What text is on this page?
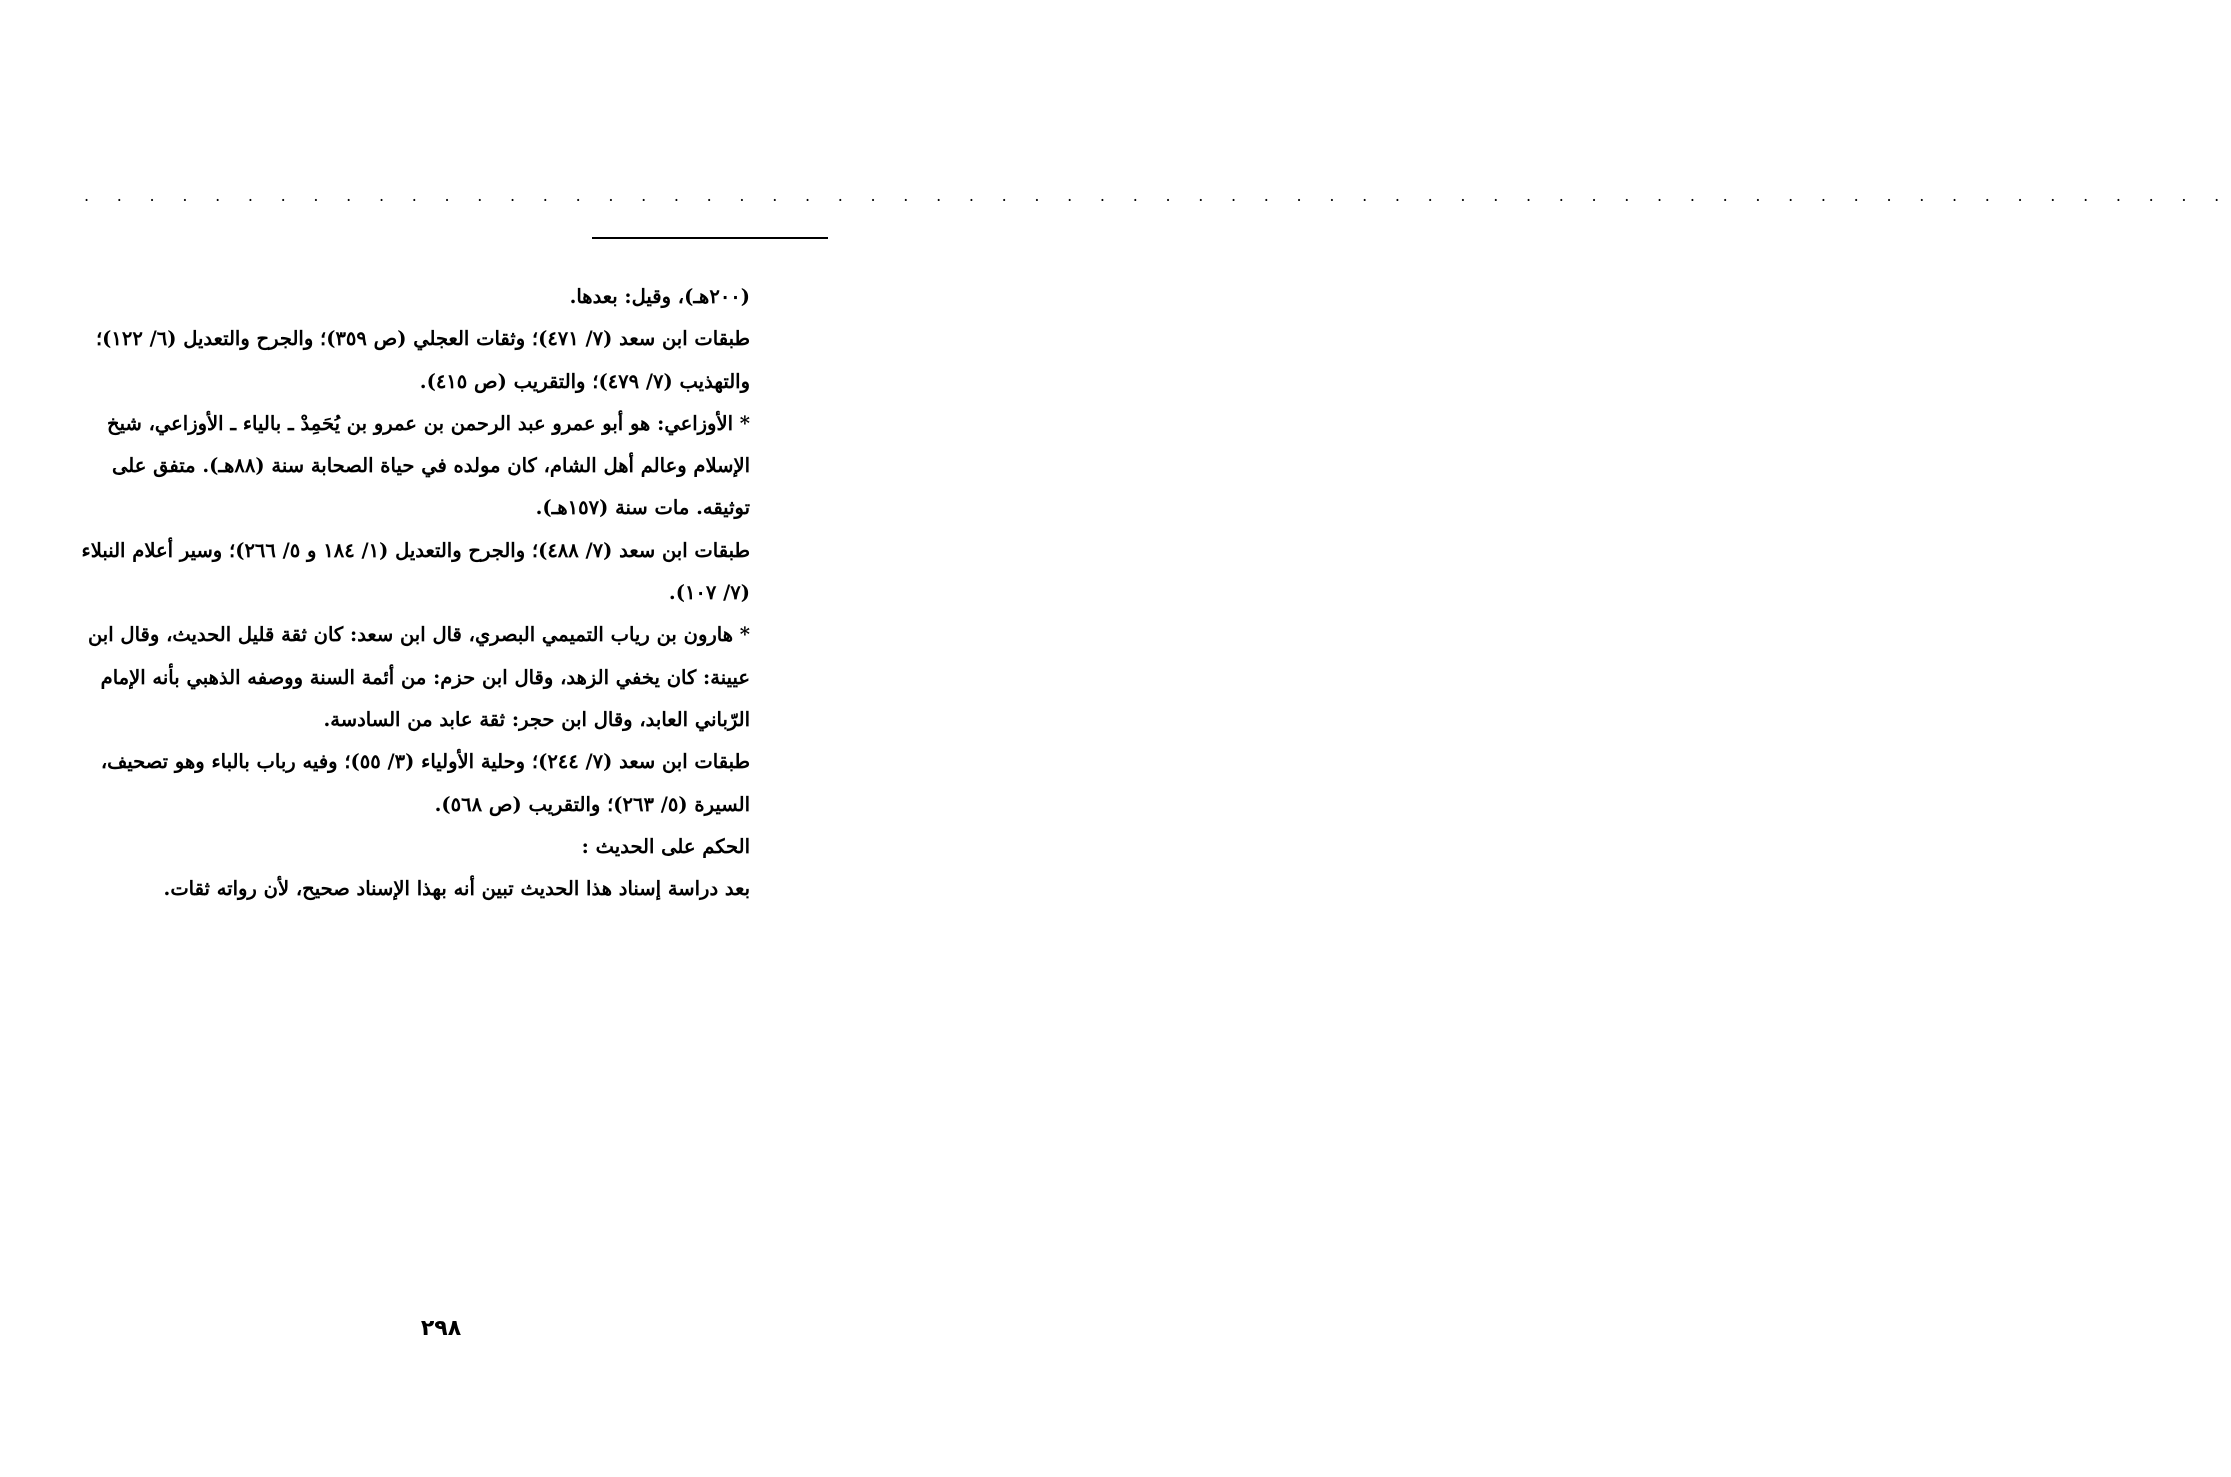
. . . . . . . . . . . . . . . . . . . . . . . . . . . . . . . . . . . . . . . . . . . . . . . . . . . . . . . . . . . . . . . . . .

(٢٠٠هـ)، وقيل: بعدها.

طبقات ابن سعد (٧/ ٤٧١)؛ وثقات العجلي (ص ٣٥٩)؛ والجرح والتعديل (٦/ ١٢٢)؛ والتهذيب (٧/ ٤٧٩)؛ والتقريب (ص ٤١٥).

* الأوزاعي: هو أبو عمرو عبد الرحمن بن عمرو بن يُحَمِدْ ـ بالياء ـ الأوزاعي، شيخ الإسلام وعالم أهل الشام، كان مولده في حياة الصحابة سنة (٨٨هـ). متفق على توثيقه. مات سنة (١٥٧هـ).

طبقات ابن سعد (٧/ ٤٨٨)؛ والجرح والتعديل (١/ ١٨٤ و ٥/ ٢٦٦)؛ وسير أعلام النبلاء (٧/ ١٠٧).

* هارون بن رياب التميمي البصري، قال ابن سعد: كان ثقة قليل الحديث، وقال ابن عيينة: كان يخفي الزهد، وقال ابن حزم: من أئمة السنة ووصفه الذهبي بأنه الإمام الرّباني العابد، وقال ابن حجر: ثقة عابد من السادسة.

طبقات ابن سعد (٧/ ٢٤٤)؛ وحلية الأولياء (٣/ ٥٥)؛ وفيه رباب بالباء وهو تصحيف، السيرة (٥/ ٢٦٣)؛ والتقريب (ص ٥٦٨).

الحكم على الحديث :

بعد دراسة إسناد هذا الحديث تبين أنه بهذا الإسناد صحيح، لأن رواته ثقات.

٢٩٨
